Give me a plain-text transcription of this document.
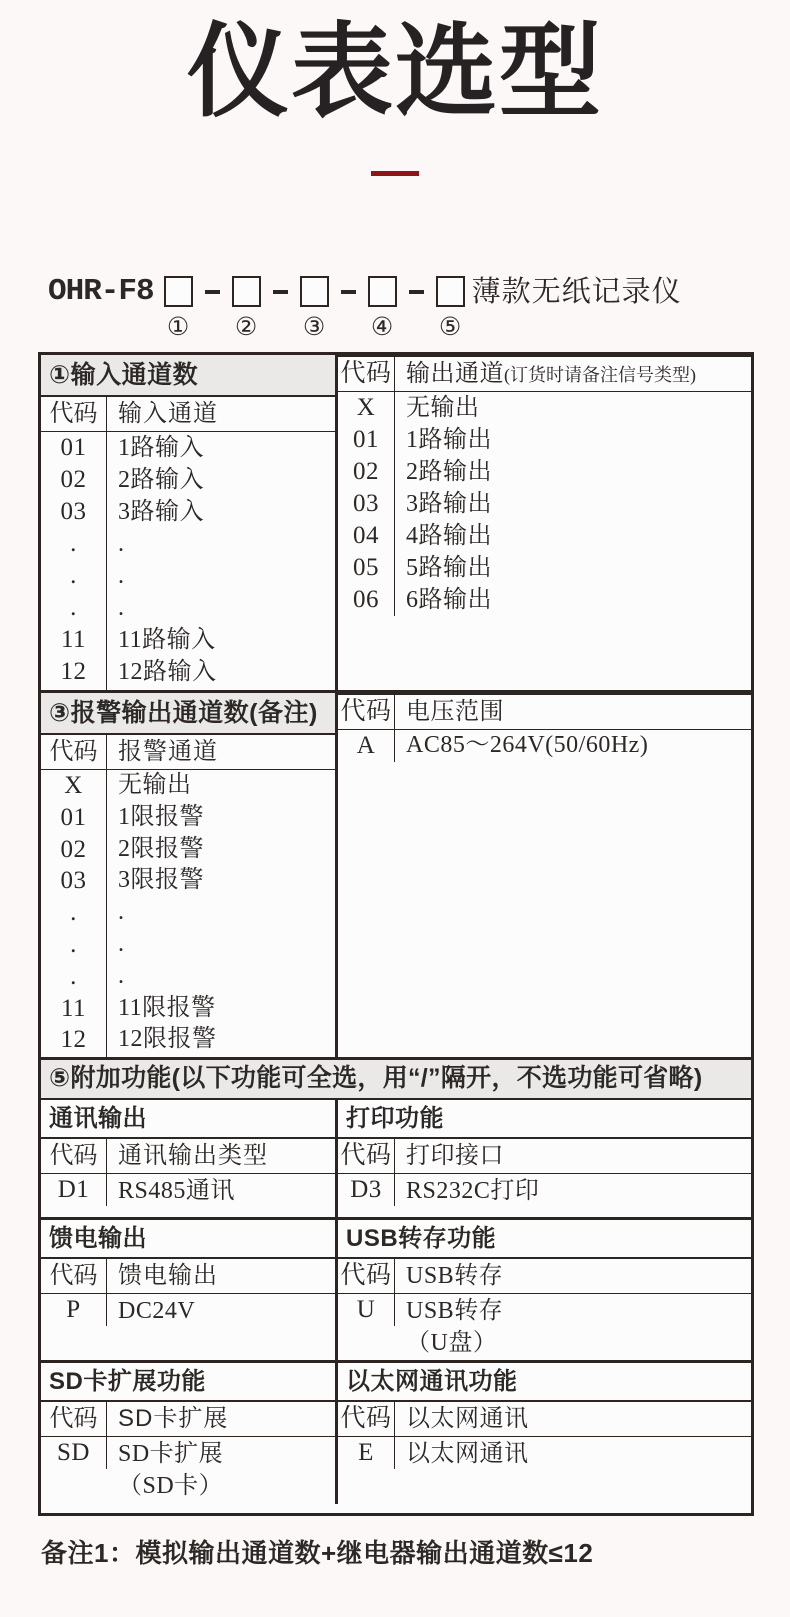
仪表选型
OHR-F8
① ② ③ ④ ⑤
薄款无纸记录仪
①输入通道数
代码 输入通道
01	1路输入
02	2路输入
03	3路输入
.	.
.	.
.	.
11	11路输入
12	12路输入
代码 输出通道(订货时请备注信号类型)
X	无输出
01	1路输出
02	2路输出
03	3路输出
04	4路输出
05	5路输出
06	6路输出
③报警输出通道数(备注)
代码 报警通道
X	无输出
01	1限报警
02	2限报警
03	3限报警
.	.
.	.
.	.
11	11限报警
12	12限报警
代码 电压范围
A	AC85～264V(50/60Hz)
⑤附加功能(以下功能可全选，用“/”隔开，不选功能可省略)
通讯输出
代码 通讯输出类型
D1	RS485通讯
打印功能
代码 打印接口
D3	RS232C打印
馈电输出
代码 馈电输出
P	DC24V
USB转存功能
代码 USB转存
U	USB转存
（U盘）
SD卡扩展功能
代码 SD卡扩展
SD	SD卡扩展
（SD卡）
以太网通讯功能
代码 以太网通讯
E	以太网通讯
备注1：模拟输出通道数+继电器输出通道数≤12
